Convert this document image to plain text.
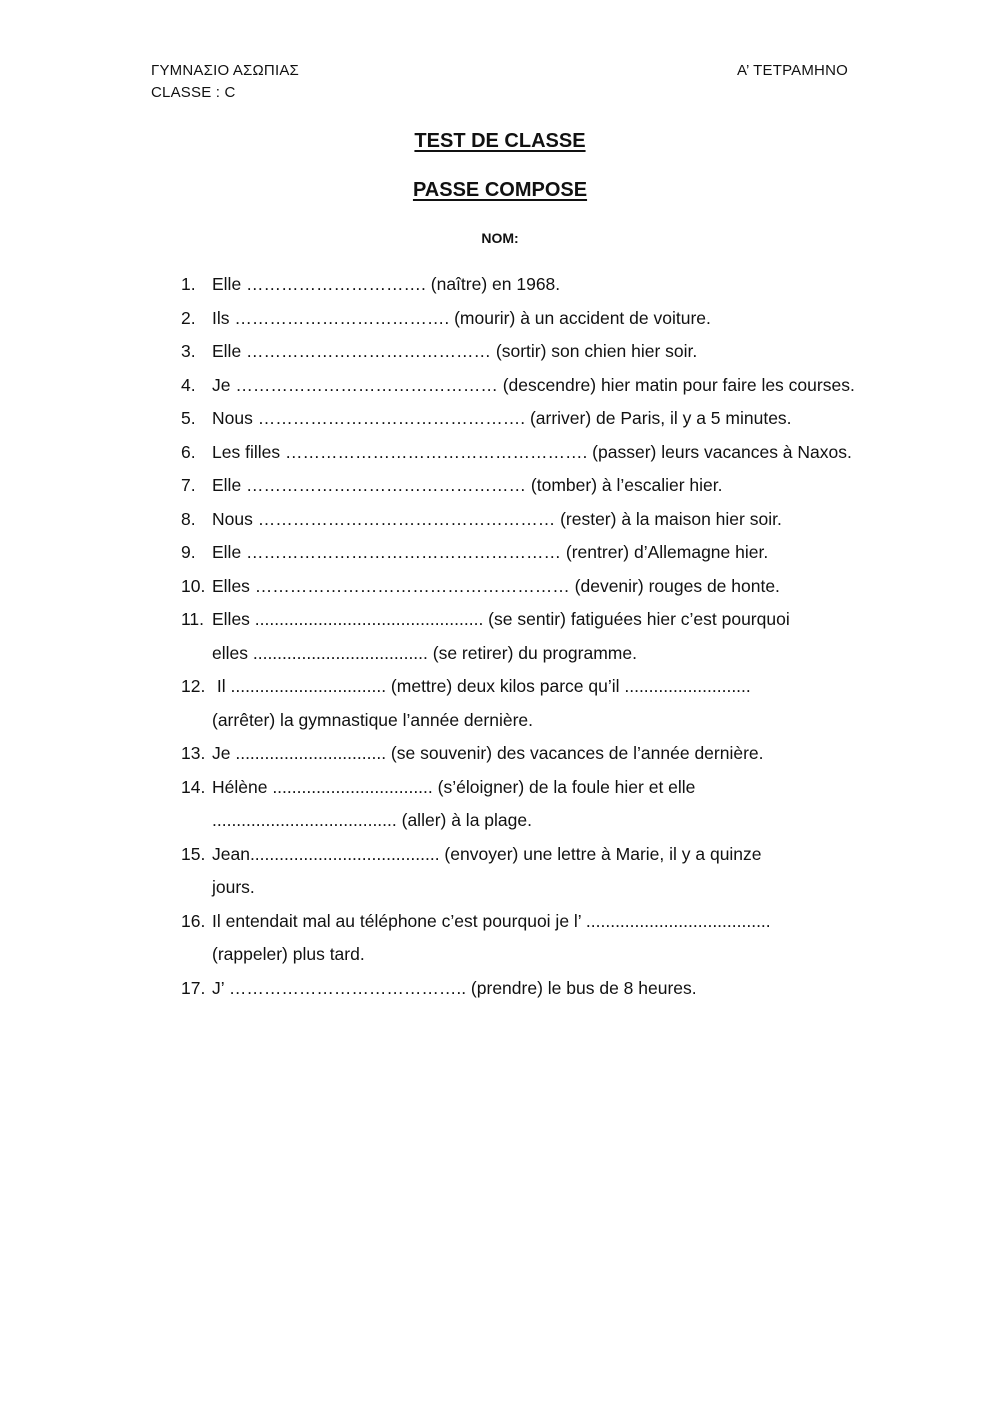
ΓΥΜΝΑΣΙΟ ΑΣΩΠΙΑΣ
CLASSE : C
Α’ ΤΕΤΡΑΜΗΝΟ
TEST DE CLASSE
PASSE COMPOSE
NOM:
1. Elle …………………………. (naître) en 1968.
2. Ils ………………………………. (mourir) à un accident de voiture.
3. Elle …………………………………… (sortir) son chien hier soir.
4. Je ……………………………………… (descendre) hier matin pour faire les courses.
5. Nous ………………………………………. (arriver) de Paris, il y a 5 minutes.
6. Les filles ……………………………………………. (passer) leurs vacances à Naxos.
7. Elle ………………………………………… (tomber) à l’escalier hier.
8. Nous …………………………………………… (rester) à la maison hier soir.
9. Elle ……………………………………………… (rentrer) d’Allemagne hier.
10. Elles ……………………………………………… (devenir) rouges de honte.
11. Elles ............................................... (se sentir) fatiguées hier c’est pourquoi
elles .................................... (se retirer) du programme.
12. Il ................................ (mettre) deux kilos parce qu’il ..........................
(arrêter) la gymnastique l’année dernière.
13. Je ............................... (se souvenir) des vacances de l’année dernière.
14. Hélène ................................. (s’éloigner) de la foule hier et elle
...................................... (aller) à la plage.
15. Jean....................................... (envoyer) une lettre à Marie, il y a quinze
jours.
16. Il entendait mal au téléphone c’est pourquoi je l’ ......................................
(rappeler) plus tard.
17. J’ ………………………………….. (prendre) le bus de 8 heures.
